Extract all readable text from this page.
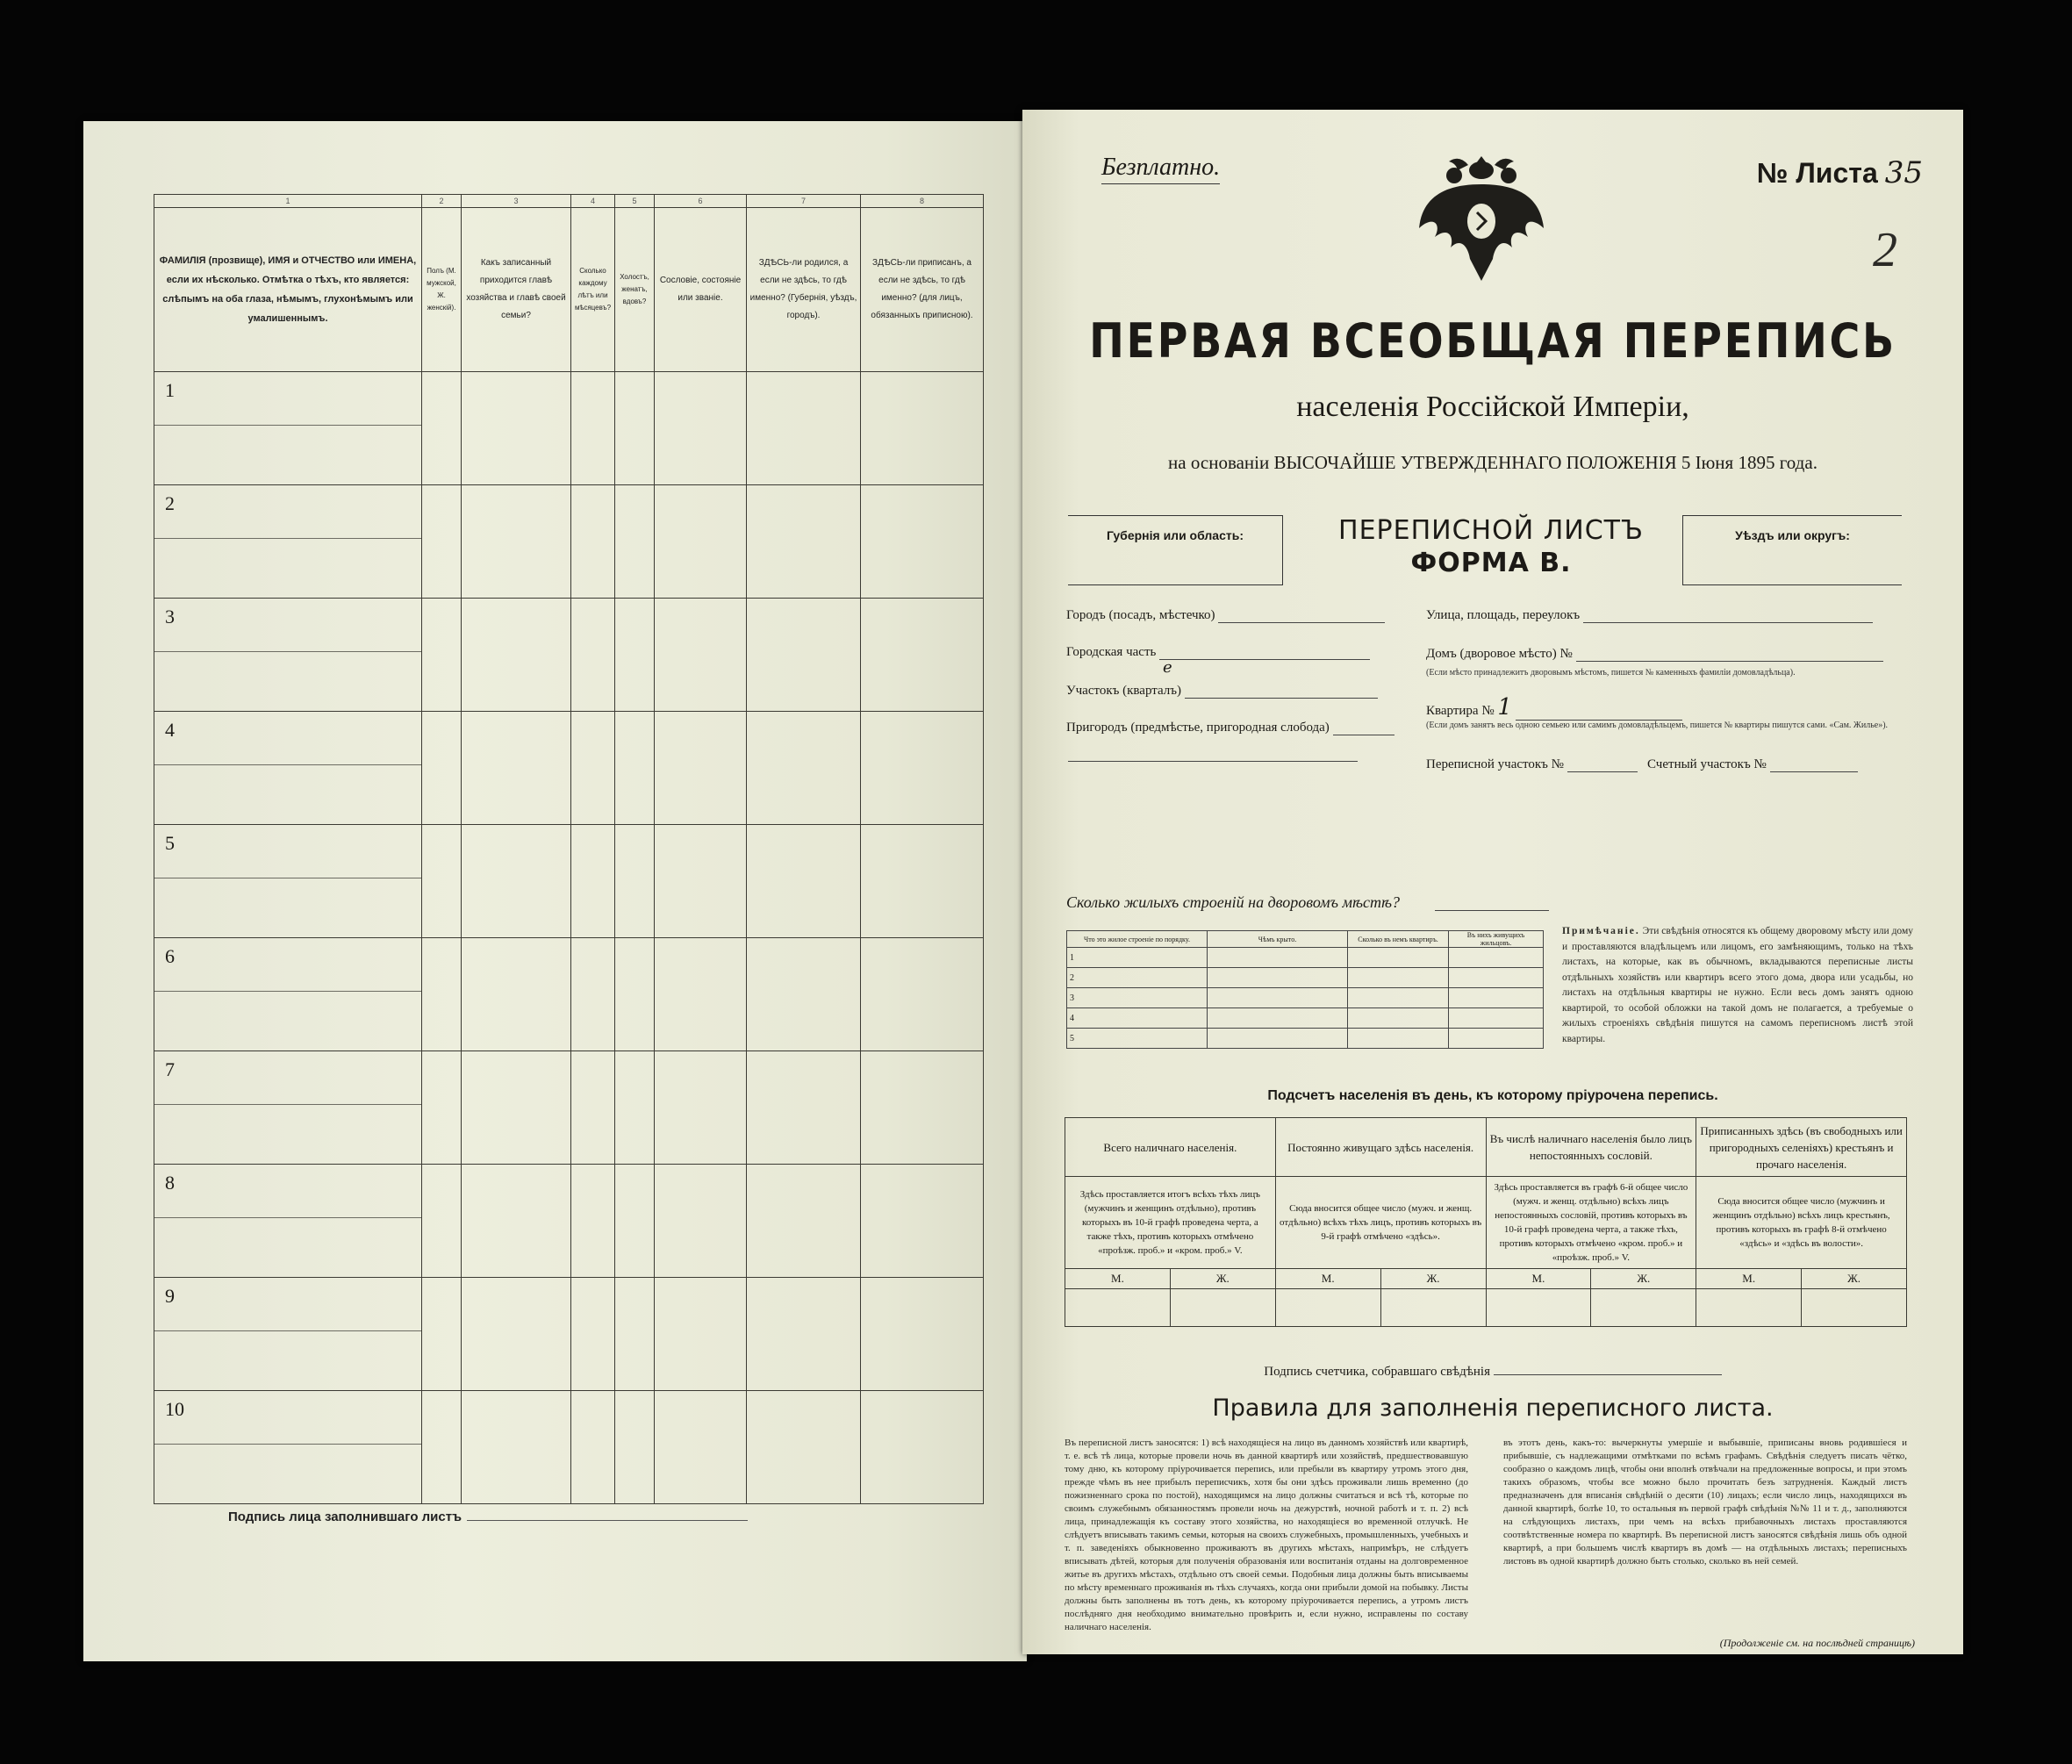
1	2	3	4	5	6	7	8
ФАМИЛІЯ (прозвище), ИМЯ и ОТЧЕСТВО или ИМЕНА, если их нѣсколько. Отмѣтка о тѣхъ, кто является: слѣпымъ на оба глаза, нѣмымъ, глухонѣмымъ или умалишеннымъ.	Полъ (М. мужской, Ж. женскій).	Какъ записанный приходится главѣ хозяйства и главѣ своей семьи?	Сколько каждому лѣтъ или мѣсяцевъ?	Холостъ, женатъ, вдовъ?	Сословіе, состояніе или званіе.	ЗДѢСЬ-ли родился, а если не здѣсь, то гдѣ именно? (Губернія, уѣздъ, городъ).	ЗДѢСЬ-ли приписанъ, а если не здѣсь, то гдѣ именно? (для лицъ, обязанныхъ приписною).
1

2

3

4

5

6

7

8

9

10

Подпись лица заполнившаго листъ
Безплатно.	№ Листа 35
2
ПЕРВАЯ ВСЕОБЩАЯ ПЕРЕПИСЬ
населенія Россійской Имперіи,
на основаніи ВЫСОЧАЙШЕ УТВЕРЖДЕННАГО ПОЛОЖЕНІЯ 5 Іюня 1895 года.
Губернія или область:	ПЕРЕПИСНОЙ ЛИСТЪ
ФОРМА В.
Уѣздъ или округъ:
Городъ (посадъ, мѣстечко)
Городская часть
e
Участокъ (кварталъ)
Пригородъ (предмѣстье, пригородная слобода)
Улица, площадь, переулокъ
Домъ (дворовое мѣсто) №
(Если мѣсто принадлежитъ дворовымъ мѣстомъ, пишется № каменныхъ фамиліи домовладѣльца).
Квартира № 1
(Если домъ занятъ весь одною семьею или самимъ домовладѣльцемъ, пишется № квартиры пишутся сами. «Сам. Жилье»).
Переписной участокъ №	Счетный участокъ №
Сколько жилыхъ строеній на дворовомъ мѣстѣ?
Что это жилое строеніе по порядку.	Чѣмъ крыто.	Сколько въ немъ квартиръ.	Въ нихъ живущихъ жильцовъ.
1			
2			
3			
4			
5			
Примѣчаніе. Эти свѣдѣнія относятся къ общему дворовому мѣсту или дому и проставляются владѣльцемъ или лицомъ, его замѣняющимъ, только на тѣхъ листахъ, на которые, как въ обычномъ, вкладываются переписные листы отдѣльныхъ хозяйствъ или квартиръ всего этого дома, двора или усадьбы, но листахъ на отдѣльныя квартиры не нужно. Если весь домъ занятъ одною квартирой, то особой обложки на такой домъ не полагается, а требуемые о жилыхъ строеніяхъ свѣдѣнія пишутся на самомъ переписномъ листѣ этой квартиры.
Подсчетъ населенія въ день, къ которому пріурочена перепись.
Всего наличнаго населенія.		Постоянно живущаго здѣсь населенія.		Въ числѣ наличнаго населенія было лицъ непостоянныхъ сословій.		Приписанныхъ здѣсь (въ свободныхъ или пригородныхъ селеніяхъ) крестьянъ и прочаго населенія.	
Здѣсь проставляется итогъ всѣхъ тѣхъ лицъ (мужчинъ и женщинъ отдѣльно), противъ которыхъ въ 10-й графѣ проведена черта, а также тѣхъ, противъ которыхъ отмѣчено «проѣзж. проб.» и «кром. проб.» V.		Сюда вносится общее число (мужч. и женщ. отдѣльно) всѣхъ тѣхъ лицъ, противъ которыхъ въ 9-й графѣ отмѣчено «здѣсь».		Здѣсь проставляется въ графѣ 6-й общее число (мужч. и женщ. отдѣльно) всѣхъ лицъ непостоянныхъ сословій, противъ которыхъ въ 10-й графѣ проведена черта, а также тѣхъ, противъ которыхъ отмѣчено «кром. проб.» и «проѣзж. проб.» V.		Сюда вносится общее число (мужчинъ и женщинъ отдѣльно) всѣхъ лицъ крестьянъ, противъ которыхъ въ графѣ 8-й отмѣчено «здѣсь» и «здѣсь въ волости».	
М.	Ж.	М.	Ж.	М.	Ж.	М.	Ж.

Подпись счетчика, собравшаго свѣдѣнія
Правила для заполненія переписного листа.
Въ переписной листъ заносятся: 1) всѣ находящіеся на лицо въ данномъ хозяйствѣ или квартирѣ, т. е. всѣ тѣ лица, которые провели ночь въ данной квартирѣ или хозяйствѣ, предшествовавшую тому дню, къ которому пріурочивается перепись, или пребыли въ квартиру утромъ этого дня, прежде чѣмъ въ нее прибылъ переписчикъ, хотя бы они здѣсь проживали лишь временно (до пожизненнаго срока по постой), находящимся на лицо должны считаться и всѣ тѣ, которые по своимъ служебнымъ обязанностямъ провели ночь на дежурствѣ, ночной работѣ и т. п. 2) всѣ лица, принадлежащія къ составу этого хозяйства, но находящіеся во временной отлучкѣ. Не слѣдуетъ вписывать такимъ семьи, которыя на своихъ служебныхъ, промышленныхъ, учебныхъ и т. п. заведеніяхъ обыкновенно проживаютъ въ другихъ мѣстахъ, напримѣръ, не слѣдуетъ вписывать дѣтей, которыя для полученія образованія или воспитанія отданы на долговременное житье въ другихъ мѣстахъ, отдѣльно отъ своей семьи. Подобныя лица должны быть вписываемы по мѣсту временнаго проживанія въ тѣхъ случаяхъ, когда они прибыли домой на побывку. Листы должны быть заполнены въ тотъ день, къ которому пріурочивается перепись, а утромъ листъ послѣдняго дня необходимо внимательно провѣрить и, если нужно, исправлены по составу наличнаго населенія.
въ этотъ день, какъ-то: вычеркнуты умершіе и выбывшіе, приписаны вновь родившіеся и прибывшіе, съ надлежащими отмѣтками по всѣмъ графамъ. Свѣдѣнія следуетъ писать чётко, сообразно о каждомъ лицѣ, чтобы они вполнѣ отвѣчали на предложенные вопросы, и при этомъ такихъ образомъ, чтобы все можно было прочитать безъ затрудненія. Каждый листъ предназначенъ для вписанія свѣдѣній о десяти (10) лицахъ; если число лицъ, находящихся въ данной квартирѣ, болѣе 10, то остальныя въ первой графѣ свѣдѣнія №№ 11 и т. д., заполняются на слѣдующихъ листахъ, при чемъ на всѣхъ прибавочныхъ листахъ проставляются соотвѣтственные номера по квартирѣ. Въ переписной листъ заносятся свѣдѣнія лишь объ одной квартирѣ, а при большемъ числѣ квартиръ въ домѣ — на отдѣльныхъ листахъ; переписныхъ листовъ въ одной квартирѣ должно быть столько, сколько въ ней семей.
(Продолженіе см. на послѣдней страницѣ)
